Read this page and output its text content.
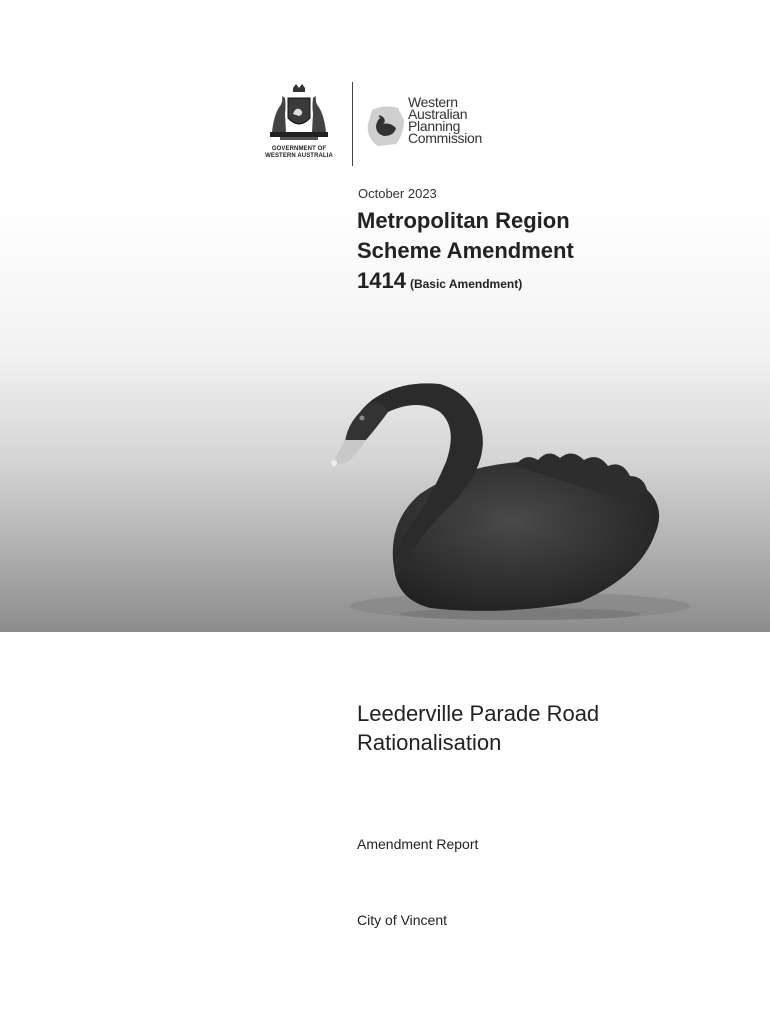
GOVERNMENT OF
WESTERN AUSTRALIA
Western
Australian
Planning
Commission
October 2023
Metropolitan Region
Scheme Amendment
1414 (Basic Amendment)
Leederville Parade Road
Rationalisation
Amendment Report
City of Vincent
